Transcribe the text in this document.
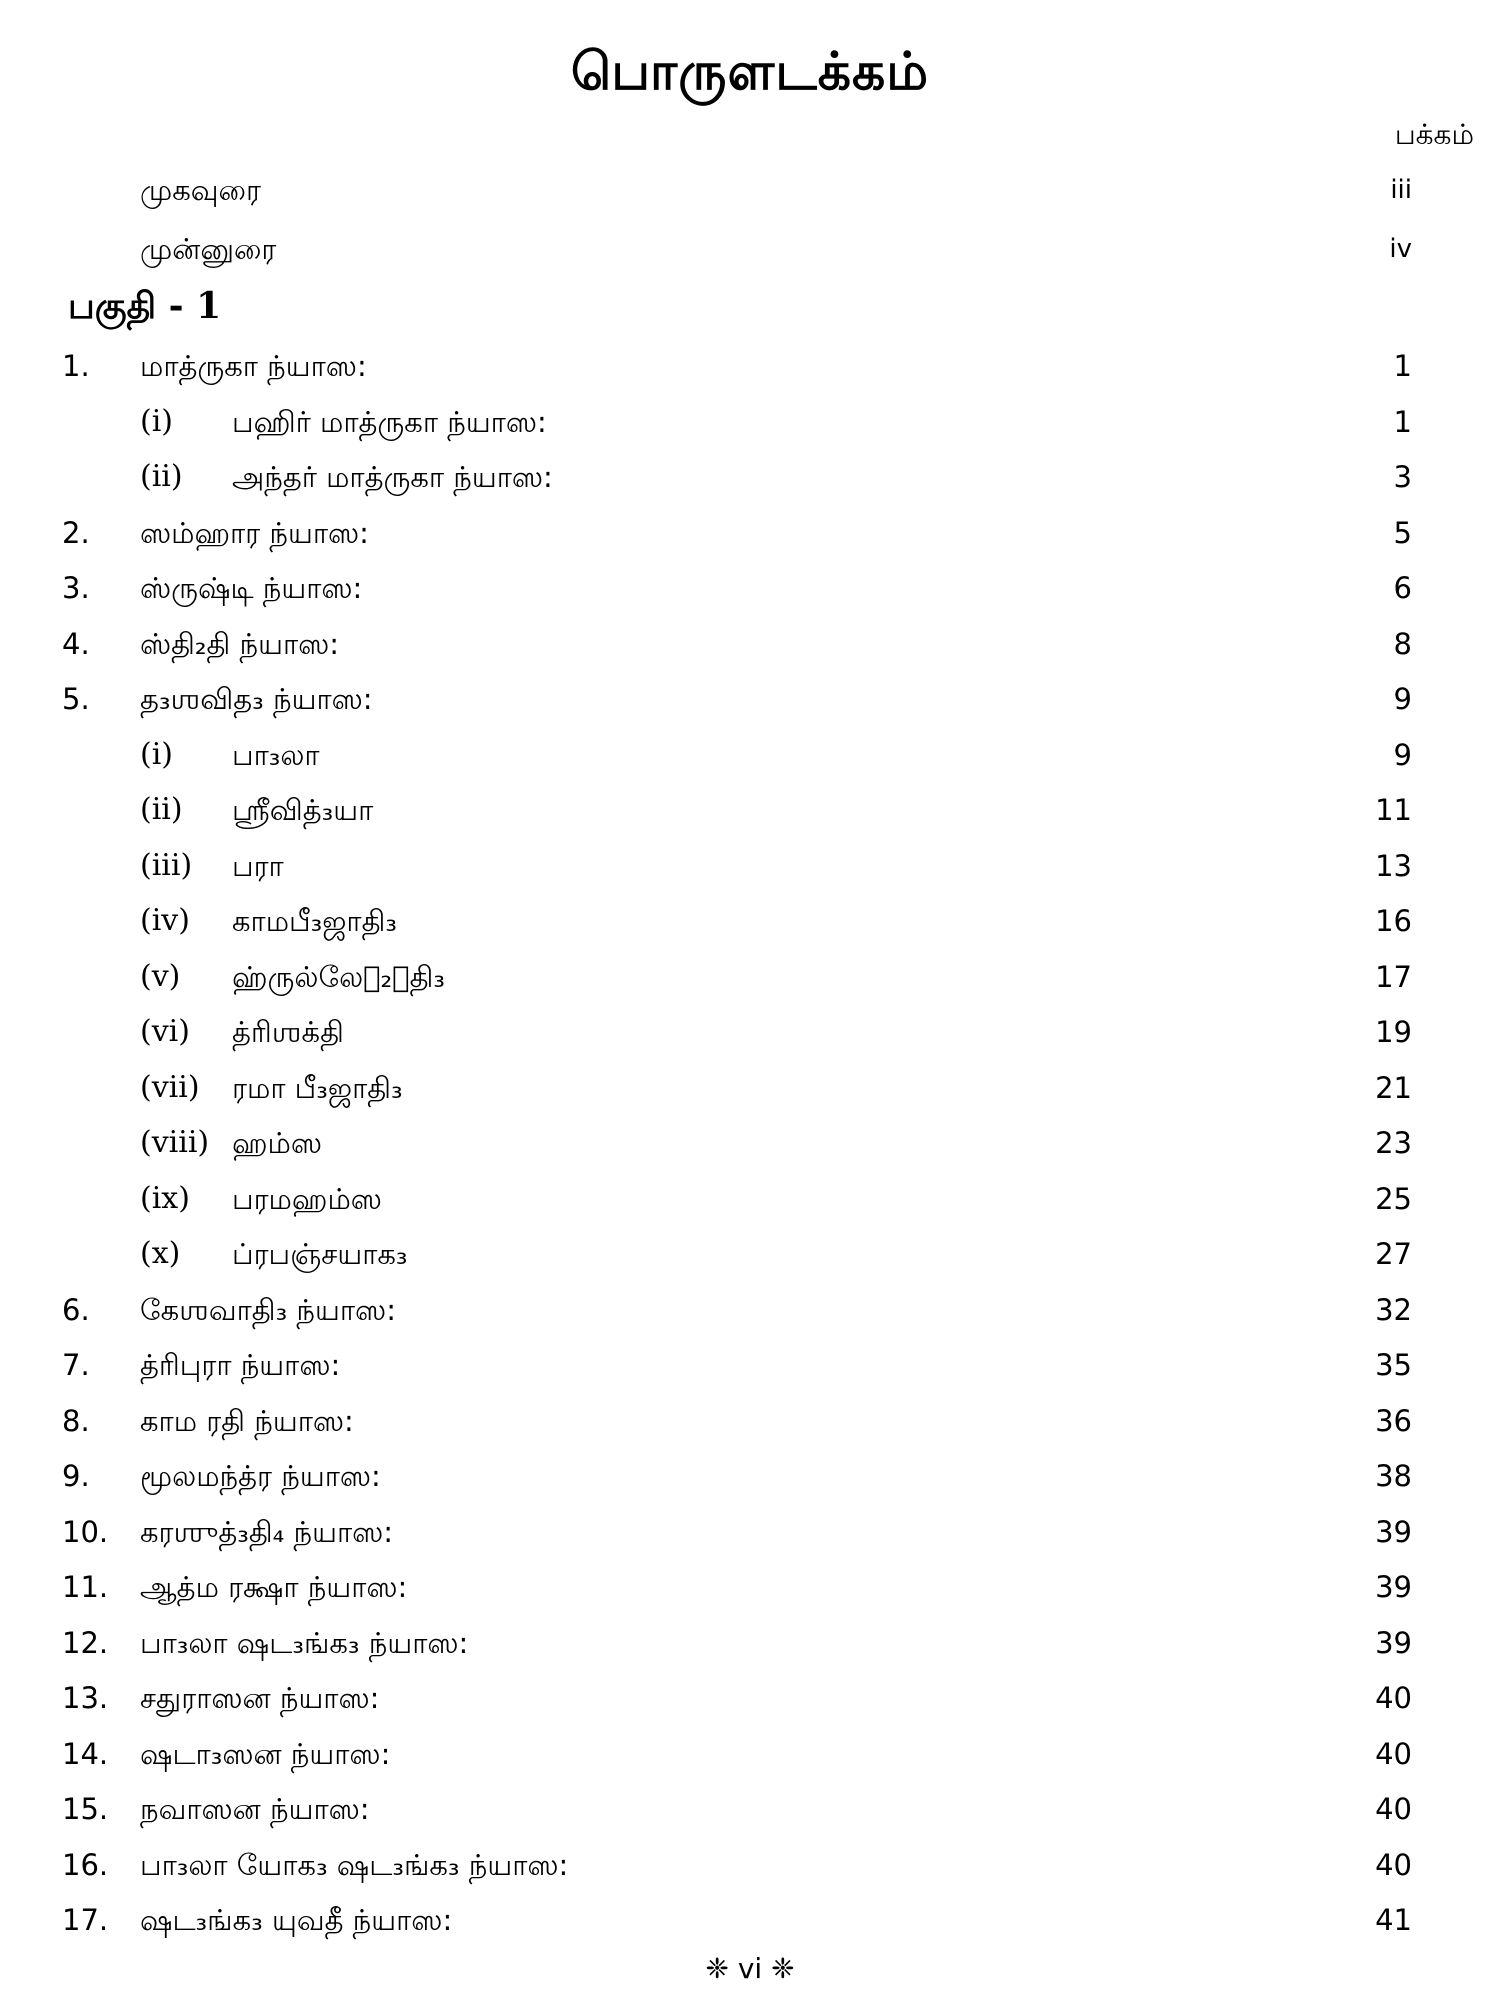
பொருளடக்கம்
பக்கம்
முகவுரை	iii
முன்னுரை	iv
பகுதி - 1
1.	மாத்ருகா ந்யாஸ:	1
(i) பஹிர் மாத்ருகா ந்யாஸ:	1
(ii) அந்தர் மாத்ருகா ந்யாஸ:	3
2.	ஸம்ஹார ந்யாஸ:	5
3.	ஸ்ருஷ்டி ந்யாஸ:	6
4.	ஸ்தி₂தி ந்யாஸ:	8
5.	த₃ஶவித₃ ந்யாஸ:	9
(i) பா₃லா	9
(ii) ஸ்ரீவித்₃யா	11
(iii) பரா	13
(iv) காமபீ₃ஜாதி₃	16
(v) ஹ்ருல்லேக₂ாதி₃	17
(vi) த்ரிஶக்தி	19
(vii) ரமா பீ₃ஜாதி₃	21
(viii) ஹம்ஸ	23
(ix) பரமஹம்ஸ	25
(x) ப்ரபஞ்சயாக₃	27
6.	கேஶவாதி₃ ந்யாஸ:	32
7.	த்ரிபுரா ந்யாஸ:	35
8.	காம ரதி ந்யாஸ:	36
9.	மூலமந்த்ர ந்யாஸ:	38
10.	கரஶுத்₃தி₄ ந்யாஸ:	39
11.	ஆத்ம ரக்ஷா ந்யாஸ:	39
12.	பா₃லா ஷட₃ங்க₃ ந்யாஸ:	39
13.	சதுராஸன ந்யாஸ:	40
14.	ஷடா₃ஸன ந்யாஸ:	40
15.	நவாஸன ந்யாஸ:	40
16.	பா₃லா யோக₃ ஷட₃ங்க₃ ந்யாஸ:	40
17.	ஷட₃ங்க₃ யுவதீ ந்யாஸ:	41
❈ vi ❈
